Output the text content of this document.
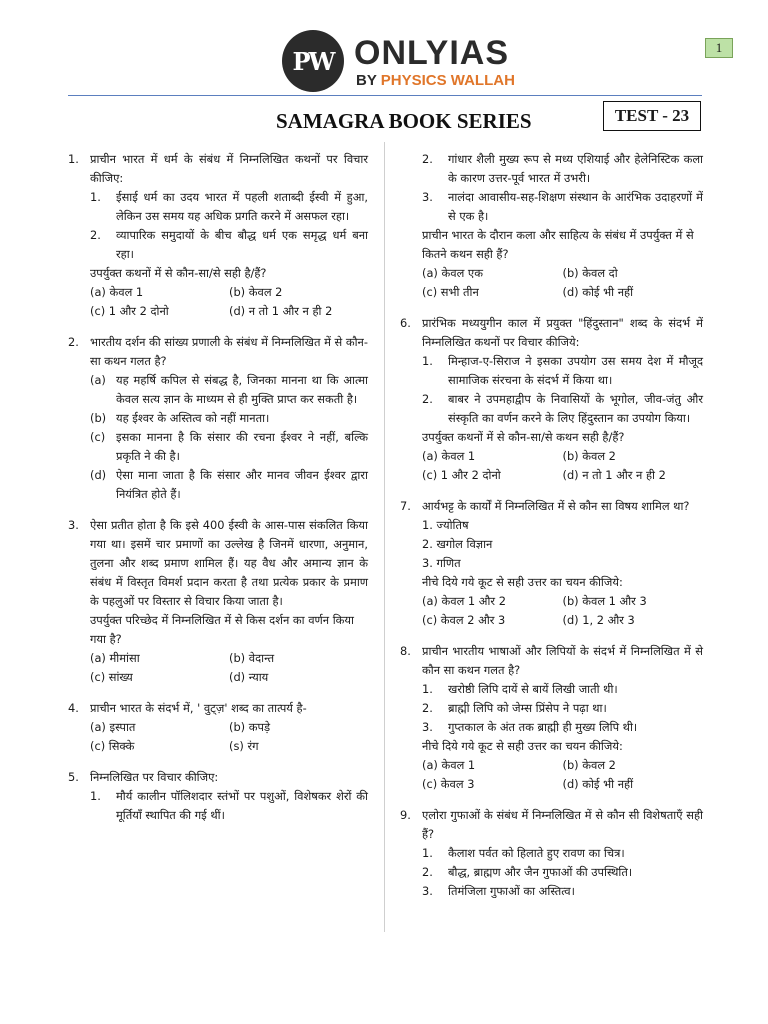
PW ONLYIAS
BY PHYSICS WALLAH
1
SAMAGRA BOOK SERIES	TEST - 23
1. प्राचीन भारत में धर्म के संबंध में निम्नलिखित कथनों पर विचार कीजिए:
1.	ईसाई धर्म का उदय भारत में पहली शताब्दी ईस्वी में हुआ, लेकिन उस समय यह अधिक प्रगति करने में असफल रहा।
2.	व्यापारिक समुदायों के बीच बौद्ध धर्म एक समृद्ध धर्म बना रहा।
उपर्युक्त कथनों में से कौन-सा/से सही है/हैं?
(a) केवल 1	(b) केवल 2
(c) 1 और 2 दोनो	(d) न तो 1 और न ही 2
2. भारतीय दर्शन की सांख्य प्रणाली के संबंध में निम्नलिखित में से कौन-सा कथन गलत है?
(a) यह महर्षि कपिल से संबद्ध है, जिनका मानना था कि आत्मा केवल सत्य ज्ञान के माध्यम से ही मुक्ति प्राप्त कर सकती है।
(b) यह ईश्वर के अस्तित्व को नहीं मानता।
(c) इसका मानना है कि संसार की रचना ईश्वर ने नहीं, बल्कि प्रकृति ने की है।
(d) ऐसा माना जाता है कि संसार और मानव जीवन ईश्वर द्वारा नियंत्रित होते हैं।
3. ऐसा प्रतीत होता है कि इसे 400 ईस्वी के आस-पास संकलित किया गया था। इसमें चार प्रमाणों का उल्लेख है जिनमें धारणा, अनुमान, तुलना और शब्द प्रमाण शामिल हैं। यह वैध और अमान्य ज्ञान के संबंध में विस्तृत विमर्श प्रदान करता है तथा प्रत्येक प्रकार के प्रमाण के पहलुओं पर विस्तार से विचार किया जाता है।
उपर्युक्त परिच्छेद में निम्नलिखित में से किस दर्शन का वर्णन किया गया है?
(a) मीमांसा	(b) वेदान्त
(c) सांख्य	(d) न्याय
4. प्राचीन भारत के संदर्भ में, ' वुट्ज़' शब्द का तात्पर्य है-
(a) इस्पात	(b) कपड़े
(c) सिक्के	(s) रंग
5. निम्नलिखित पर विचार कीजिए:
1.	मौर्य कालीन पॉलिशदार स्तंभों पर पशुओं, विशेषकर शेरों की मूर्तियाँ स्थापित की गई थीं।
2.	गांधार शैली मुख्य रूप से मध्य एशियाई और हेलेनिस्टिक कला के कारण उत्तर-पूर्व भारत में उभरी।
3.	नालंदा आवासीय-सह-शिक्षण संस्थान के आरंभिक उदाहरणों में से एक है।
प्राचीन भारत के दौरान कला और साहित्य के संबंध में उपर्युक्त में से कितने कथन सही हैं?
(a) केवल एक	(b) केवल दो
(c) सभी तीन	(d) कोई भी नहीं
6. प्रारंभिक मध्ययुगीन काल में प्रयुक्त "हिंदुस्तान" शब्द के संदर्भ में निम्नलिखित कथनों पर विचार कीजिये:
1.	मिन्हाज-ए-सिराज ने इसका उपयोग उस समय देश में मौजूद सामाजिक संरचना के संदर्भ में किया था।
2.	बाबर ने उपमहाद्वीप के निवासियों के भूगोल, जीव-जंतु और संस्कृति का वर्णन करने के लिए हिंदुस्तान का उपयोग किया।
उपर्युक्त कथनों में से कौन-सा/से कथन सही है/हैं?
(a) केवल 1	(b) केवल 2
(c) 1 और 2 दोनो	(d) न तो 1 और न ही 2
7. आर्यभट्ट के कार्यों में निम्नलिखित में से कौन सा विषय शामिल था?
1. ज्योतिष
2. खगोल विज्ञान
3. गणित
नीचे दिये गये कूट से सही उत्तर का चयन कीजिये:
(a) केवल 1 और 2	(b) केवल 1 और 3
(c) केवल 2 और 3	(d) 1, 2 और 3
8. प्राचीन भारतीय भाषाओं और लिपियों के संदर्भ में निम्नलिखित में से कौन सा कथन गलत है?
1.	खरोष्ठी लिपि दायें से बायें लिखी जाती थी।
2.	ब्राह्मी लिपि को जेम्स प्रिंसेप ने पढ़ा था।
3.	गुप्तकाल के अंत तक ब्राह्मी ही मुख्य लिपि थी।
नीचे दिये गये कूट से सही उत्तर का चयन कीजिये:
(a) केवल 1	(b) केवल 2
(c) केवल 3	(d) कोई भी नहीं
9. एलोरा गुफाओं के संबंध में निम्नलिखित में से कौन सी विशेषताएँ सही हैं?
1.	कैलाश पर्वत को हिलाते हुए रावण का चित्र।
2.	बौद्ध, ब्राह्मण और जैन गुफाओं की उपस्थिति।
3.	तिमंजिला गुफाओं का अस्तित्व।
